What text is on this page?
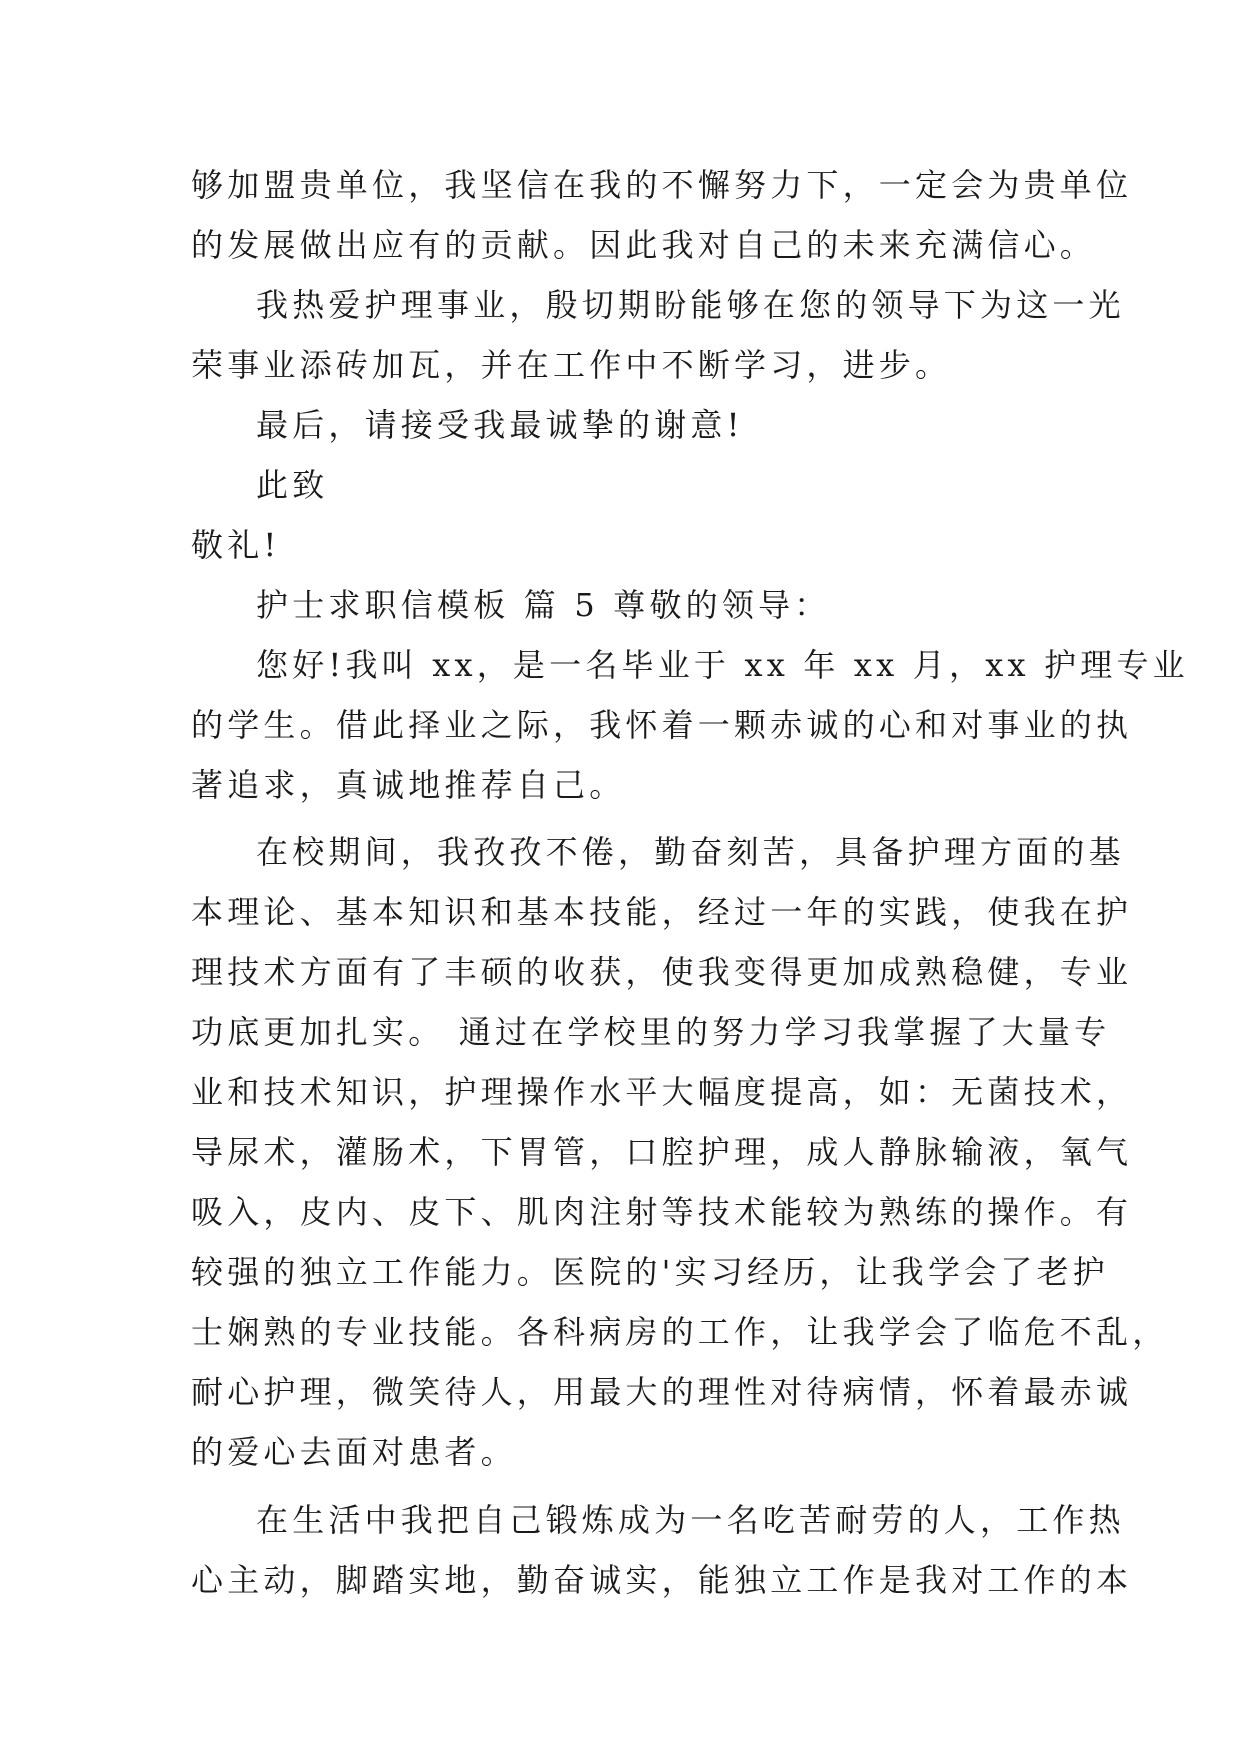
够加盟贵单位，我坚信在我的不懈努力下，一定会为贵单位
的发展做出应有的贡献。因此我对自己的未来充满信心。
我热爱护理事业，殷切期盼能够在您的领导下为这一光
荣事业添砖加瓦，并在工作中不断学习，进步。
最后，请接受我最诚挚的谢意!
此致
敬礼!
护士求职信模板 篇 5 尊敬的领导：
您好!我叫 xx，是一名毕业于 xx 年 xx 月，xx 护理专业
的学生。借此择业之际，我怀着一颗赤诚的心和对事业的执
著追求，真诚地推荐自己。
在校期间，我孜孜不倦，勤奋刻苦，具备护理方面的基
本理论、基本知识和基本技能，经过一年的实践，使我在护
理技术方面有了丰硕的收获，使我变得更加成熟稳健，专业
功底更加扎实。 通过在学校里的努力学习我掌握了大量专
业和技术知识，护理操作水平大幅度提高，如：无菌技术，
导尿术，灌肠术，下胃管，口腔护理，成人静脉输液，氧气
吸入，皮内、皮下、肌肉注射等技术能较为熟练的操作。有
较强的独立工作能力。医院的'实习经历，让我学会了老护
士娴熟的专业技能。各科病房的工作，让我学会了临危不乱，
耐心护理，微笑待人，用最大的理性对待病情，怀着最赤诚
的爱心去面对患者。
在生活中我把自己锻炼成为一名吃苦耐劳的人，工作热
心主动，脚踏实地，勤奋诚实，能独立工作是我对工作的本
